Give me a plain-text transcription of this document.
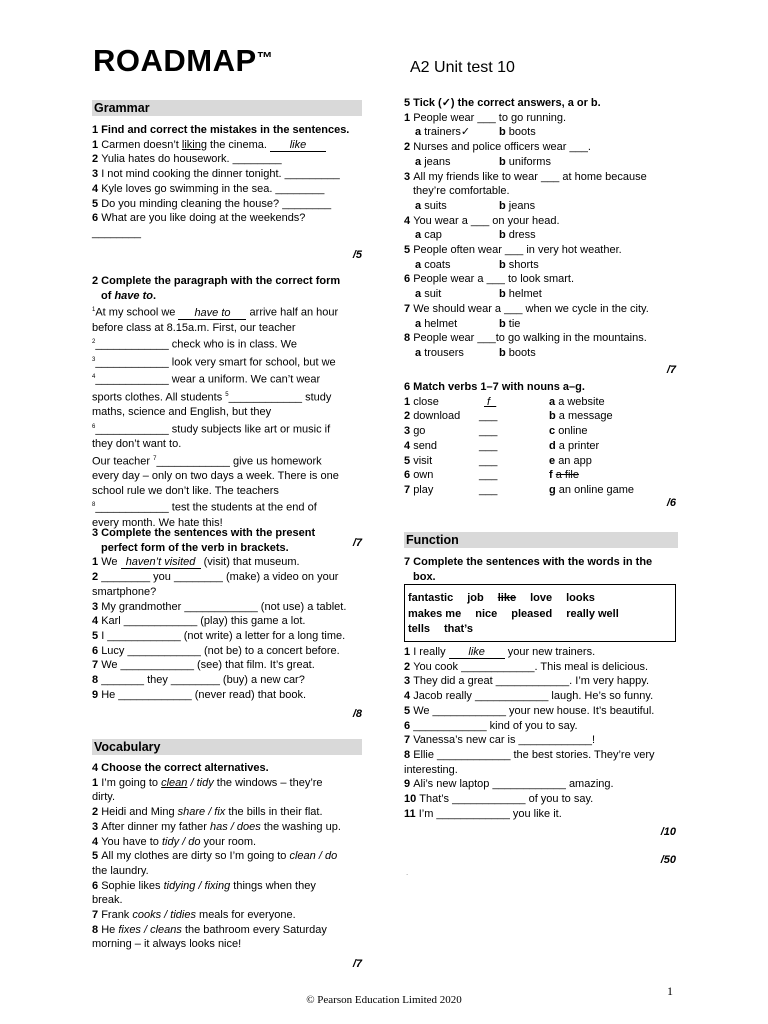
ROADMAP™
A2 Unit test 10
Grammar
1 Find and correct the mistakes in the sentences.
1 Carmen doesn’t liking the cinema. like
2 Yulia hates do housework. ________
3 I not mind cooking the dinner tonight. _________
4 Kyle loves go swimming in the sea. ________
5 Do you minding cleaning the house? ________
6 What are you like doing at the weekends?
________
/5
2 Complete the paragraph with the correct form
of have to.
$^1$At my school we have to arrive half an hour
before class at 8.15a.m. First, our teacher
$^2$____________ check who is in class. We
$^3$____________ look very smart for school, but we
$^4$____________ wear a uniform. We can’t wear
sports clothes. All students $^5$____________ study
maths, science and English, but they
$^6$____________ study subjects like art or music if
they don’t want to.
Our teacher $^7$____________ give us homework
every day – only on two days a week. There is one
school rule we don’t like. The teachers
$^8$____________ test the students at the end of
every month. We hate this!
/7
3 Complete the sentences with the present
perfect form of the verb in brackets.
1 We haven’t visited (visit) that museum.
2 ________ you ________ (make) a video on your
smartphone?
3 My grandmother ____________ (not use) a tablet.
4 Karl ____________ (play) this game a lot.
5 I ____________ (not write) a letter for a long time.
6 Lucy ____________ (not be) to a concert before.
7 We ____________ (see) that film. It’s great.
8 _______ they ________ (buy) a new car?
9 He ____________ (never read) that book.
/8
Vocabulary
4 Choose the correct alternatives.
1 I’m going to clean / tidy the windows – they’re
dirty.
2 Heidi and Ming share / fix the bills in their flat.
3 After dinner my father has / does the washing up.
4 You have to tidy / do your room.
5 All my clothes are dirty so I’m going to clean / do
the laundry.
6 Sophie likes tidying / fixing things when they
break.
7 Frank cooks / tidies meals for everyone.
8 He fixes / cleans the bathroom every Saturday
morning – it always looks nice!
/7
5 Tick (✓) the correct answers, a or b.
1 People wear ___ to go running.
a trainers✓	b boots
2 Nurses and police officers wear ___.
a jeans	b uniforms
3 All my friends like to wear ___ at home because
they’re comfortable.
a suits	b jeans
4 You wear a ___ on your head.
a cap	b dress
5 People often wear ___ in very hot weather.
a coats	b shorts
6 People wear a ___ to look smart.
a suit	b helmet
7 We should wear a ___ when we cycle in the city.
a helmet	b tie
8 People wear ___to go walking in the mountains.
a trousers	b boots
/7
6 Match verbs 1–7 with nouns a–g.
1 close	f	a a website
2 download	___	b a message
3 go	___	c online
4 send	___	d a printer
5 visit	___	e an app
6 own	___	f a file
7 play	___	g an online game
/6
Function
7 Complete the sentences with the words in the
box.
fantastic job like love looks
makes me nice pleased really well
tells that’s
1 I really like your new trainers.
2 You cook ____________. This meal is delicious.
3 They did a great ____________. I’m very happy.
4 Jacob really ____________ laugh. He’s so funny.
5 We ____________ your new house. It’s beautiful.
6 ____________ kind of you to say.
7 Vanessa’s new car is ____________!
8 Ellie ____________ the best stories. They’re very
interesting.
9 Ali’s new laptop ____________ amazing.
10 That’s ____________ of you to say.
11 I’m ____________ you like it.
/10
/50
.
1
© Pearson Education Limited 2020
